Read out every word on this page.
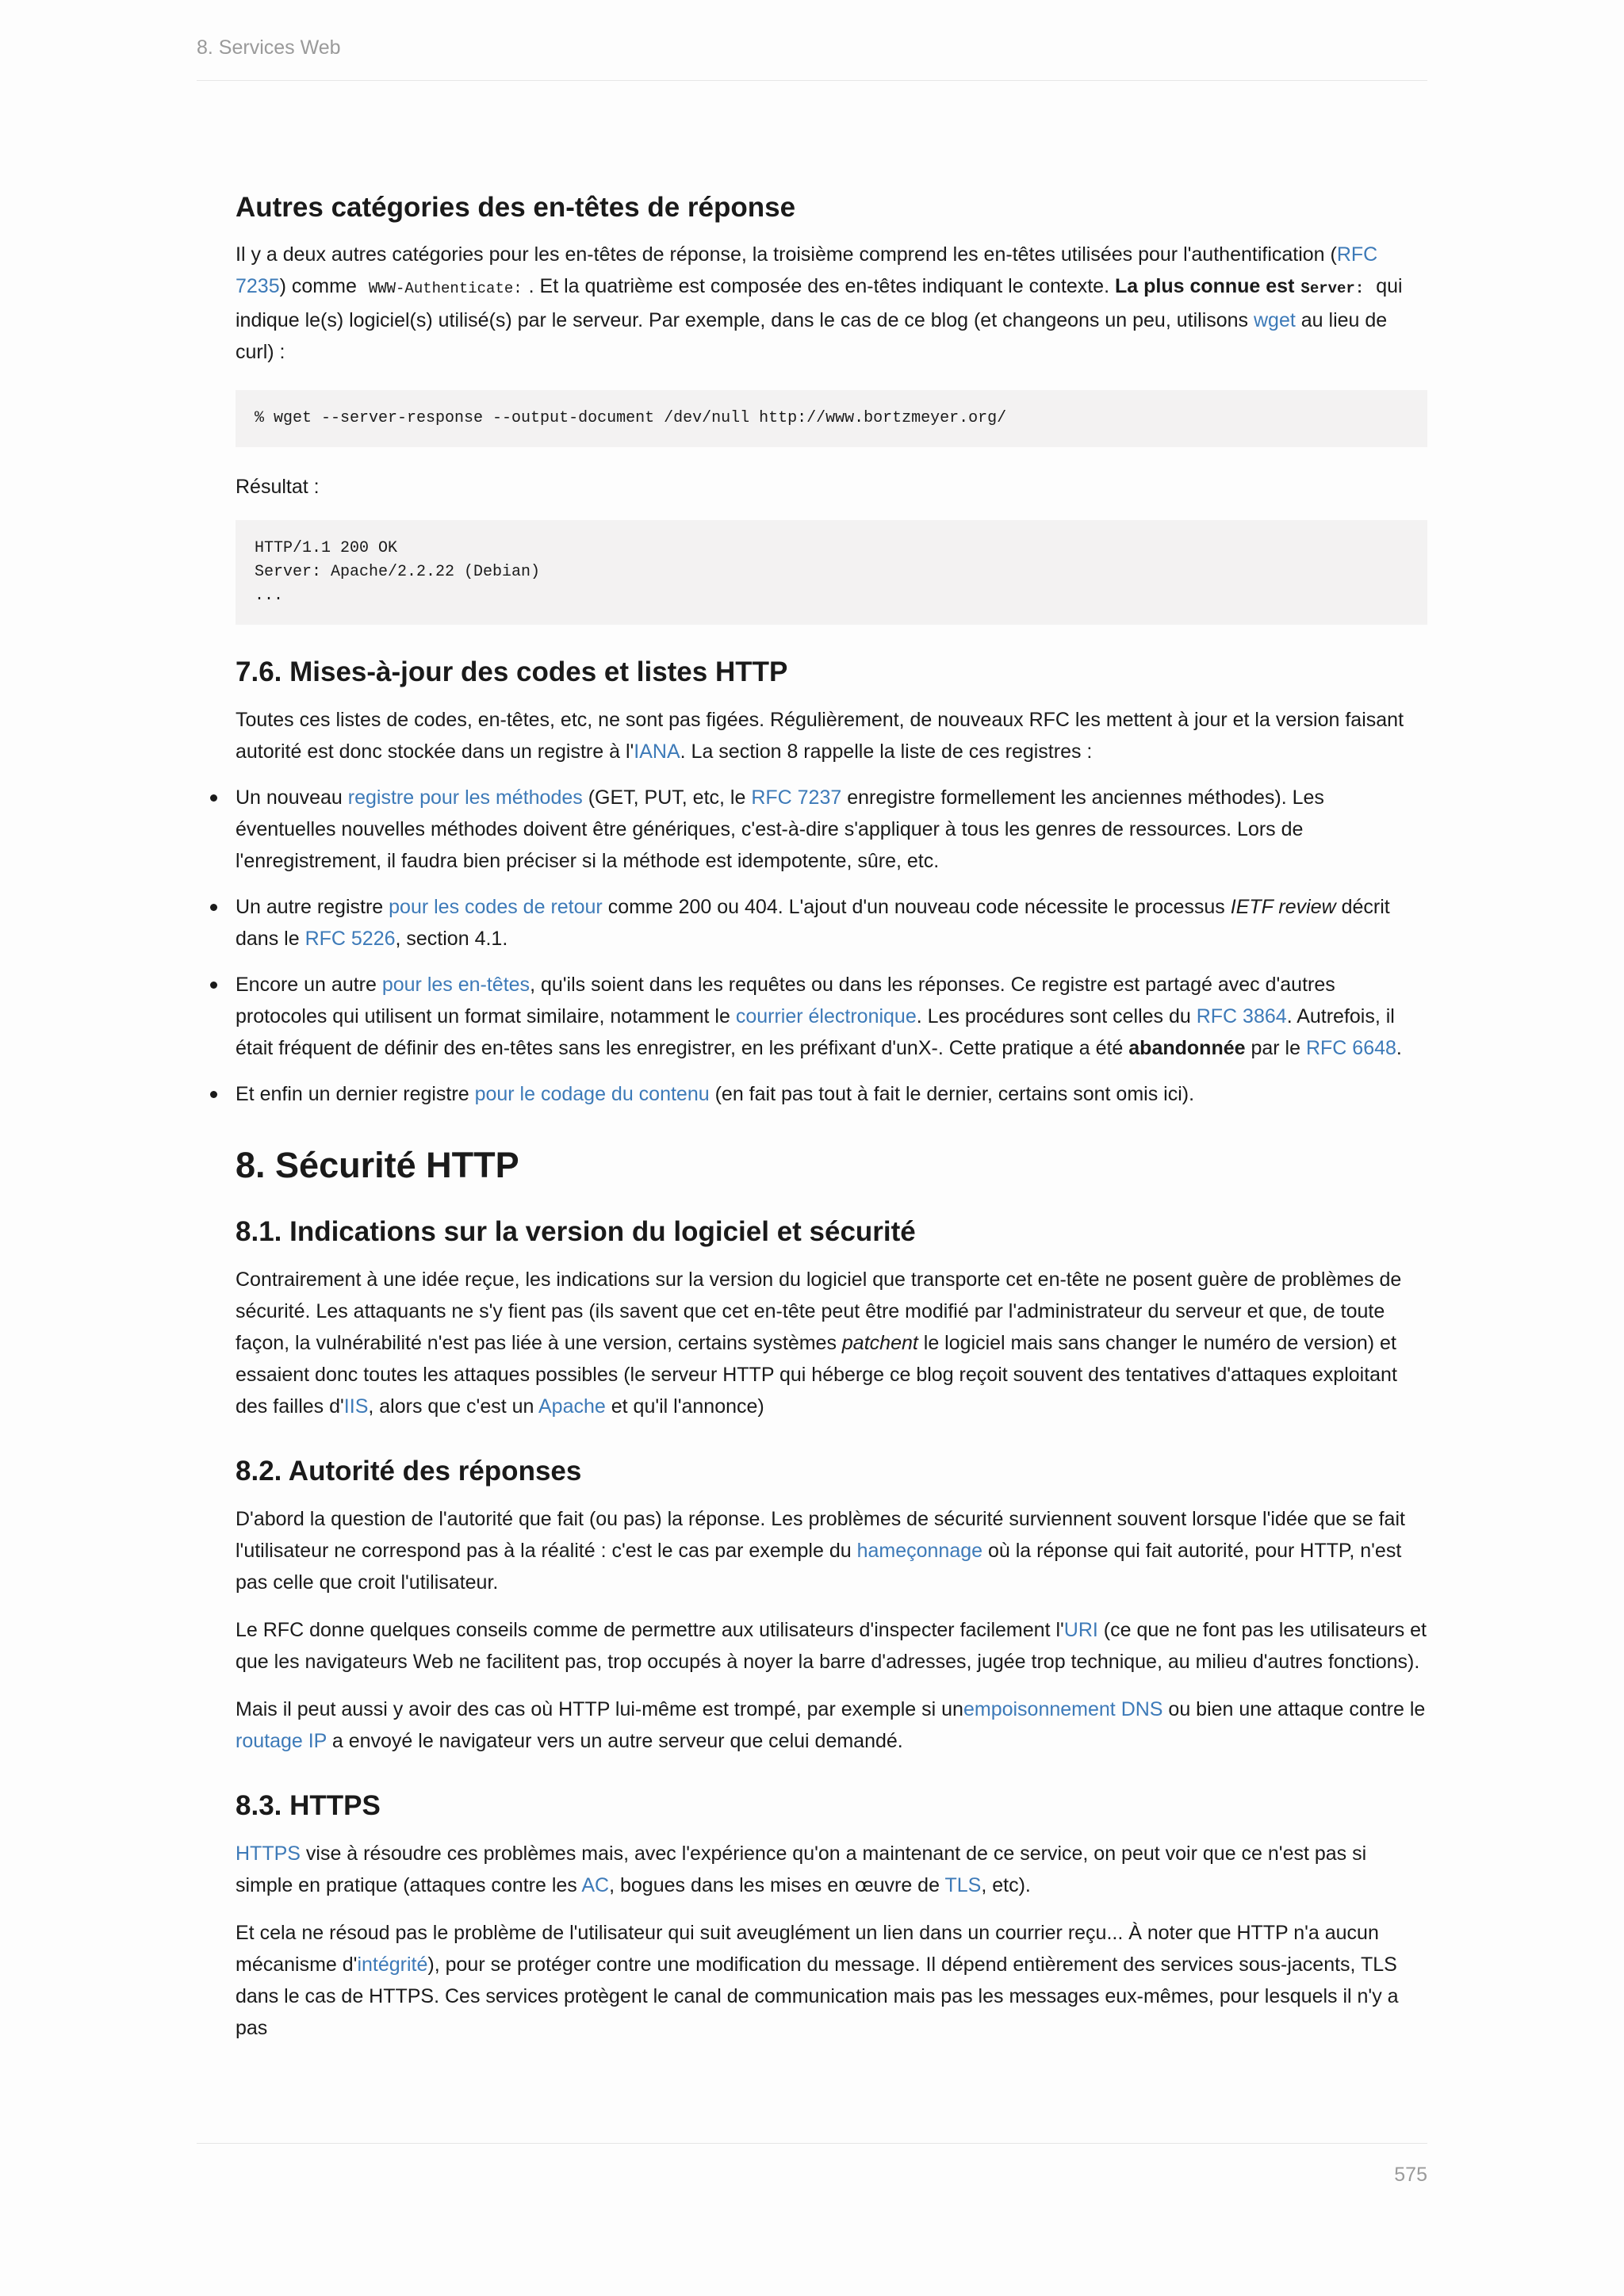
8. Services Web
Autres catégories des en-têtes de réponse

Il y a deux autres catégories pour les en-têtes de réponse, la troisième comprend les en-têtes utilisées pour l'authentification (RFC 7235) comme WWW-Authenticate: . Et la quatrième est composée des en-têtes indiquant le contexte. La plus connue est Server: qui indique le(s) logiciel(s) utilisé(s) par le serveur. Par exemple, dans le cas de ce blog (et changeons un peu, utilisons wget au lieu de curl) :

% wget --server-response --output-document /dev/null http://www.bortzmeyer.org/

Résultat :

HTTP/1.1 200 OK
Server: Apache/2.2.22 (Debian)
...
7.6. Mises-à-jour des codes et listes HTTP

Toutes ces listes de codes, en-têtes, etc, ne sont pas figées. Régulièrement, de nouveaux RFC les mettent à jour et la version faisant autorité est donc stockée dans un registre à l'IANA. La section 8 rappelle la liste de ces registres :

Un nouveau registre pour les méthodes (GET, PUT, etc, le RFC 7237 enregistre formellement les anciennes méthodes). Les éventuelles nouvelles méthodes doivent être génériques, c'est-à-dire s'appliquer à tous les genres de ressources. Lors de l'enregistrement, il faudra bien préciser si la méthode est idempotente, sûre, etc.
Un autre registre pour les codes de retour comme 200 ou 404. L'ajout d'un nouveau code nécessite le processus IETF review décrit dans le RFC 5226, section 4.1.
Encore un autre pour les en-têtes, qu'ils soient dans les requêtes ou dans les réponses. Ce registre est partagé avec d'autres protocoles qui utilisent un format similaire, notamment le courrier électronique. Les procédures sont celles du RFC 3864. Autrefois, il était fréquent de définir des en-têtes sans les enregistrer, en les préfixant d'unX-. Cette pratique a été abandonnée par le RFC 6648.
Et enfin un dernier registre pour le codage du contenu (en fait pas tout à fait le dernier, certains sont omis ici).
8. Sécurité HTTP
8.1. Indications sur la version du logiciel et sécurité

Contrairement à une idée reçue, les indications sur la version du logiciel que transporte cet en-tête ne posent guère de problèmes de sécurité. Les attaquants ne s'y fient pas (ils savent que cet en-tête peut être modifié par l'administrateur du serveur et que, de toute façon, la vulnérabilité n'est pas liée à une version, certains systèmes patchent le logiciel mais sans changer le numéro de version) et essaient donc toutes les attaques possibles (le serveur HTTP qui héberge ce blog reçoit souvent des tentatives d'attaques exploitant des failles d'IIS, alors que c'est un Apache et qu'il l'annonce)

8.2. Autorité des réponses

D'abord la question de l'autorité que fait (ou pas) la réponse. Les problèmes de sécurité surviennent souvent lorsque l'idée que se fait l'utilisateur ne correspond pas à la réalité : c'est le cas par exemple du hameçonnage où la réponse qui fait autorité, pour HTTP, n'est pas celle que croit l'utilisateur.

Le RFC donne quelques conseils comme de permettre aux utilisateurs d'inspecter facilement l'URI (ce que ne font pas les utilisateurs et que les navigateurs Web ne facilitent pas, trop occupés à noyer la barre d'adresses, jugée trop technique, au milieu d'autres fonctions).

Mais il peut aussi y avoir des cas où HTTP lui-même est trompé, par exemple si unempoisonnement DNS ou bien une attaque contre le routage IP a envoyé le navigateur vers un autre serveur que celui demandé.

8.3. HTTPS

HTTPS vise à résoudre ces problèmes mais, avec l'expérience qu'on a maintenant de ce service, on peut voir que ce n'est pas si simple en pratique (attaques contre les AC, bogues dans les mises en œuvre de TLS, etc).

Et cela ne résoud pas le problème de l'utilisateur qui suit aveuglément un lien dans un courrier reçu... À noter que HTTP n'a aucun mécanisme d'intégrité), pour se protéger contre une modification du message. Il dépend entièrement des services sous-jacents, TLS dans le cas de HTTPS. Ces services protègent le canal de communication mais pas les messages eux-mêmes, pour lesquels il n'y a pas

575
